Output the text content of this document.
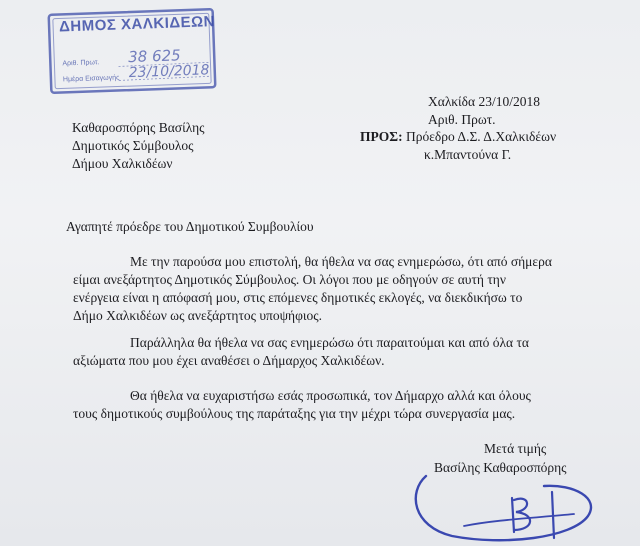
ΔΗΜΟΣ ΧΑΛΚΙΔΕΩΝ
Αριθ. Πρωτ. 38 625
Ημέρα Εισαγωγής 23/10/2018
Χαλκίδα 23/10/2018
Αριθ. Πρωτ.
ΠΡΟΣ: Πρόεδρο Δ.Σ. Δ.Χαλκιδέων
κ.Μπαντούνα Γ.
Καθαροσπόρης Βασίλης
Δημοτικός Σύμβουλος
Δήμου Χαλκιδέων
Αγαπητέ πρόεδρε του Δημοτικού Συμβουλίου
Με την παρούσα μου επιστολή, θα ήθελα να σας ενημερώσω, ότι από σήμερα
είμαι ανεξάρτητος Δημοτικός Σύμβουλος. Οι λόγοι που με οδηγούν σε αυτή την
ενέργεια είναι η απόφασή μου, στις επόμενες δημοτικές εκλογές, να διεκδικήσω το
Δήμο Χαλκιδέων ως ανεξάρτητος υποψήφιος.
Παράλληλα θα ήθελα να σας ενημερώσω ότι παραιτούμαι και από όλα τα
αξιώματα που μου έχει αναθέσει ο Δήμαρχος Χαλκιδέων.
Θα ήθελα να ευχαριστήσω εσάς προσωπικά, τον Δήμαρχο αλλά και όλους
τους δημοτικούς συμβούλους της παράταξης για την μέχρι τώρα συνεργασία μας.
Μετά τιμής
Βασίλης Καθαροσπόρης
